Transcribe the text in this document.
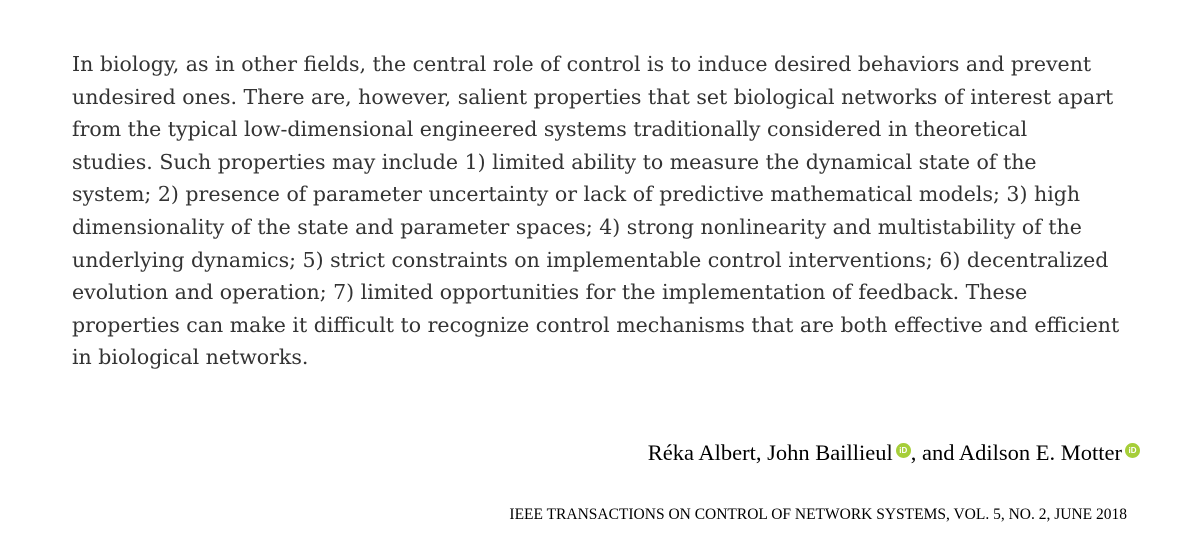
In biology, as in other fields, the central role of control is to induce desired behaviors and prevent
undesired ones. There are, however, salient properties that set biological networks of interest apart
from the typical low-dimensional engineered systems traditionally considered in theoretical
studies. Such properties may include 1) limited ability to measure the dynamical state of the
system; 2) presence of parameter uncertainty or lack of predictive mathematical models; 3) high
dimensionality of the state and parameter spaces; 4) strong nonlinearity and multistability of the
underlying dynamics; 5) strict constraints on implementable control interventions; 6) decentralized
evolution and operation; 7) limited opportunities for the implementation of feedback. These
properties can make it difficult to recognize control mechanisms that are both effective and efficient
in biological networks.

Réka Albert, John Baillieul iD , and Adilson E. Motter iD
IEEE TRANSACTIONS ON CONTROL OF NETWORK SYSTEMS, VOL. 5, NO. 2, JUNE 2018
